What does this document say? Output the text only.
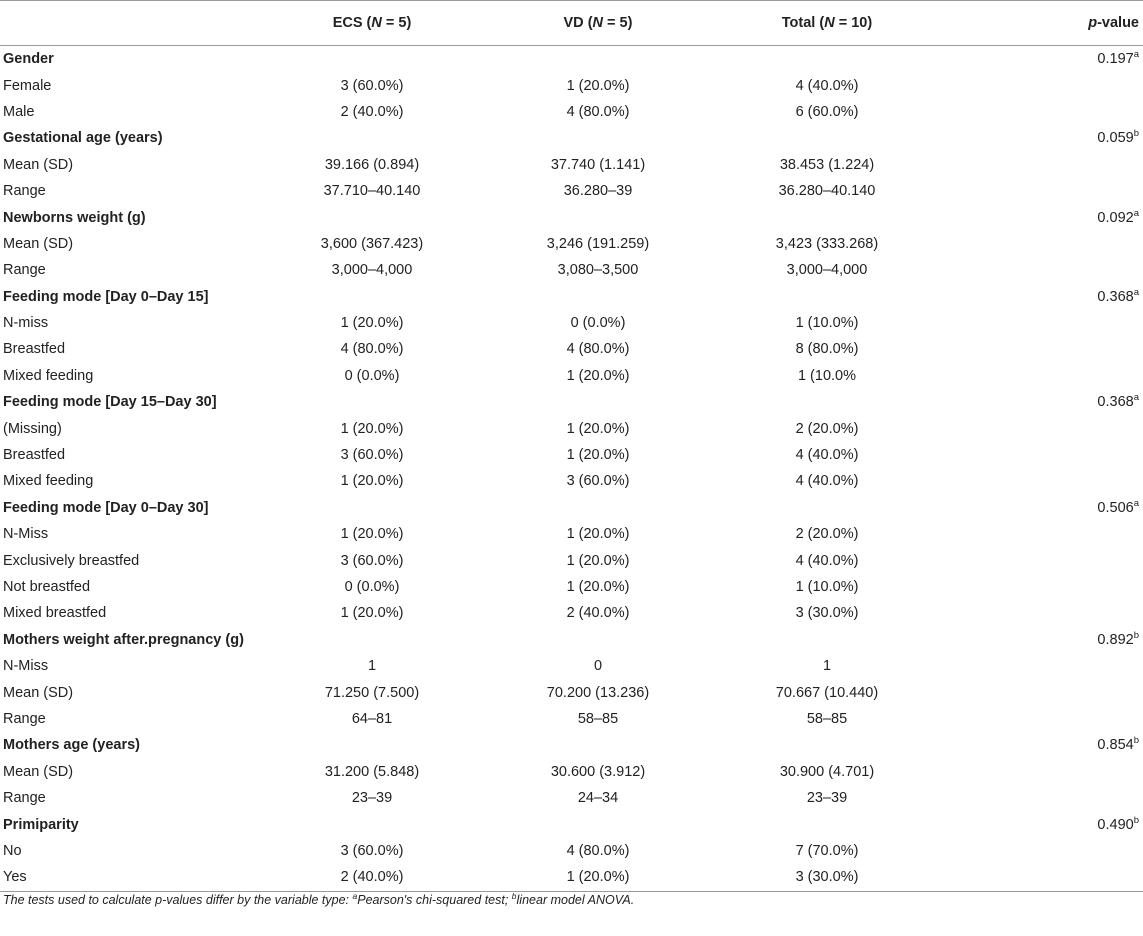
	ECS (N = 5)	VD (N = 5)	Total (N = 10)	p-value
Gender				0.197$^a$
Female	3 (60.0%)	1 (20.0%)	4 (40.0%)	
Male	2 (40.0%)	4 (80.0%)	6 (60.0%)	
Gestational age (years)				0.059$^b$
Mean (SD)	39.166 (0.894)	37.740 (1.141)	38.453 (1.224)	
Range	37.710–40.140	36.280–39	36.280–40.140	
Newborns weight (g)				0.092$^a$
Mean (SD)	3,600 (367.423)	3,246 (191.259)	3,423 (333.268)	
Range	3,000–4,000	3,080–3,500	3,000–4,000	
Feeding mode [Day 0–Day 15]				0.368$^a$
N-miss	1 (20.0%)	0 (0.0%)	1 (10.0%)	
Breastfed	4 (80.0%)	4 (80.0%)	8 (80.0%)	
Mixed feeding	0 (0.0%)	1 (20.0%)	1 (10.0%	
Feeding mode [Day 15–Day 30]				0.368$^a$
(Missing)	1 (20.0%)	1 (20.0%)	2 (20.0%)	
Breastfed	3 (60.0%)	1 (20.0%)	4 (40.0%)	
Mixed feeding	1 (20.0%)	3 (60.0%)	4 (40.0%)	
Feeding mode [Day 0–Day 30]				0.506$^a$
N-Miss	1 (20.0%)	1 (20.0%)	2 (20.0%)	
Exclusively breastfed	3 (60.0%)	1 (20.0%)	4 (40.0%)	
Not breastfed	0 (0.0%)	1 (20.0%)	1 (10.0%)	
Mixed breastfed	1 (20.0%)	2 (40.0%)	3 (30.0%)	
Mothers weight after.pregnancy (g)				0.892$^b$
N-Miss	1	0	1	
Mean (SD)	71.250 (7.500)	70.200 (13.236)	70.667 (10.440)	
Range	64–81	58–85	58–85	
Mothers age (years)				0.854$^b$
Mean (SD)	31.200 (5.848)	30.600 (3.912)	30.900 (4.701)	
Range	23–39	24–34	23–39	
Primiparity				0.490$^b$
No	3 (60.0%)	4 (80.0%)	7 (70.0%)	
Yes	2 (40.0%)	1 (20.0%)	3 (30.0%)	
The tests used to calculate p-values differ by the variable type: $^a$Pearson's chi-squared test; $^b$linear model ANOVA.
